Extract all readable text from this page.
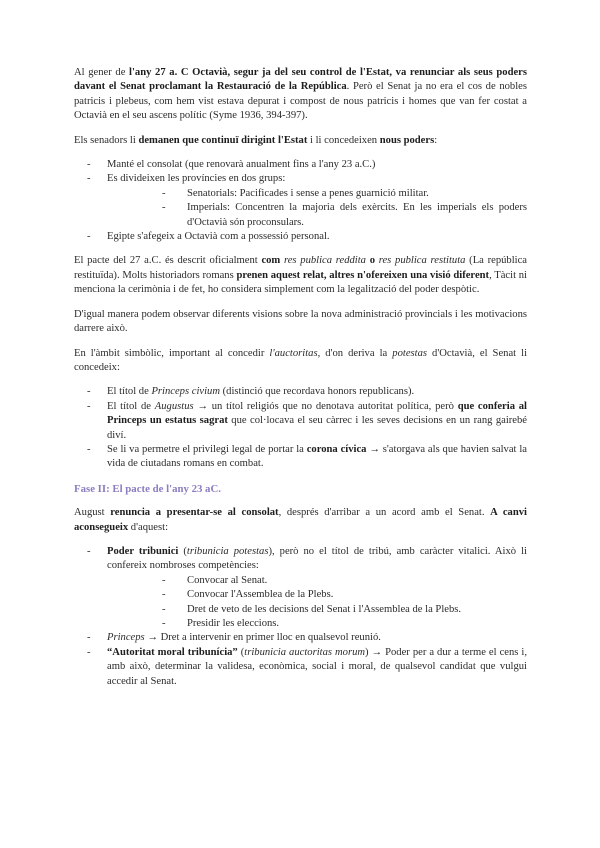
Al gener de l'any 27 a. C Octavià, segur ja del seu control de l'Estat, va renunciar als seus poders davant el Senat proclamant la Restauració de la República. Però el Senat ja no era el cos de nobles patricis i plebeus, com hem vist estava depurat i compost de nous patricis i homes que van fer costat a Octavià en el seu ascens polític (Syme 1936, 394-397).

Els senadors li demanen que continuï dirigint l'Estat i li concedeixen nous poders:

- Manté el consolat (que renovarà anualment fins a l'any 23 a.C.)
- Es divideixen les províncies en dos grups:
- Senatorials: Pacificades i sense a penes guarnició militar.
- Imperials: Concentren la majoria dels exèrcits. En les imperials els poders d'Octavià són proconsulars.
- Egipte s'afegeix a Octavià com a possessió personal.

El pacte del 27 a.C. és descrit oficialment com res publica reddita o res publica restituta (La república restituïda). Molts historiadors romans prenen aquest relat, altres n'ofereixen una visió diferent, Tàcit ni menciona la cerimònia i de fet, ho considera simplement com la legalització del poder despòtic.

D'igual manera podem observar diferents visions sobre la nova administració provincials i les motivacions darrere això.

En l'àmbit simbòlic, important al concedir l'auctoritas, d'on deriva la potestas d'Octavià, el Senat li concedeix:

- El títol de Princeps civium (distinció que recordava honors republicans).
- El títol de Augustus → un títol religiós que no denotava autoritat política, però que conferia al Princeps un estatus sagrat que col·locava el seu càrrec i les seves decisions en un rang gairebé diví.
- Se li va permetre el privilegi legal de portar la corona cívica → s'atorgava als que havien salvat la vida de ciutadans romans en combat.
Fase II: El pacte de l'any 23 aC.

August renuncia a presentar-se al consolat, després d'arribar a un acord amb el Senat. A canvi aconsegueix d'aquest:

- Poder tribunici (tribunicia potestas), però no el títol de tribú, amb caràcter vitalici. Això li confereix nombroses competències:
- Convocar al Senat.
- Convocar l'Assemblea de la Plebs.
- Dret de veto de les decisions del Senat i l'Assemblea de la Plebs.
- Presidir les eleccions.
- Princeps → Dret a intervenir en primer lloc en qualsevol reunió.
- “Autoritat moral tribunícia” (tribunicia auctoritas morum) → Poder per a dur a terme el cens i, amb això, determinar la validesa, econòmica, social i moral, de qualsevol candidat que vulgui accedir al Senat.
